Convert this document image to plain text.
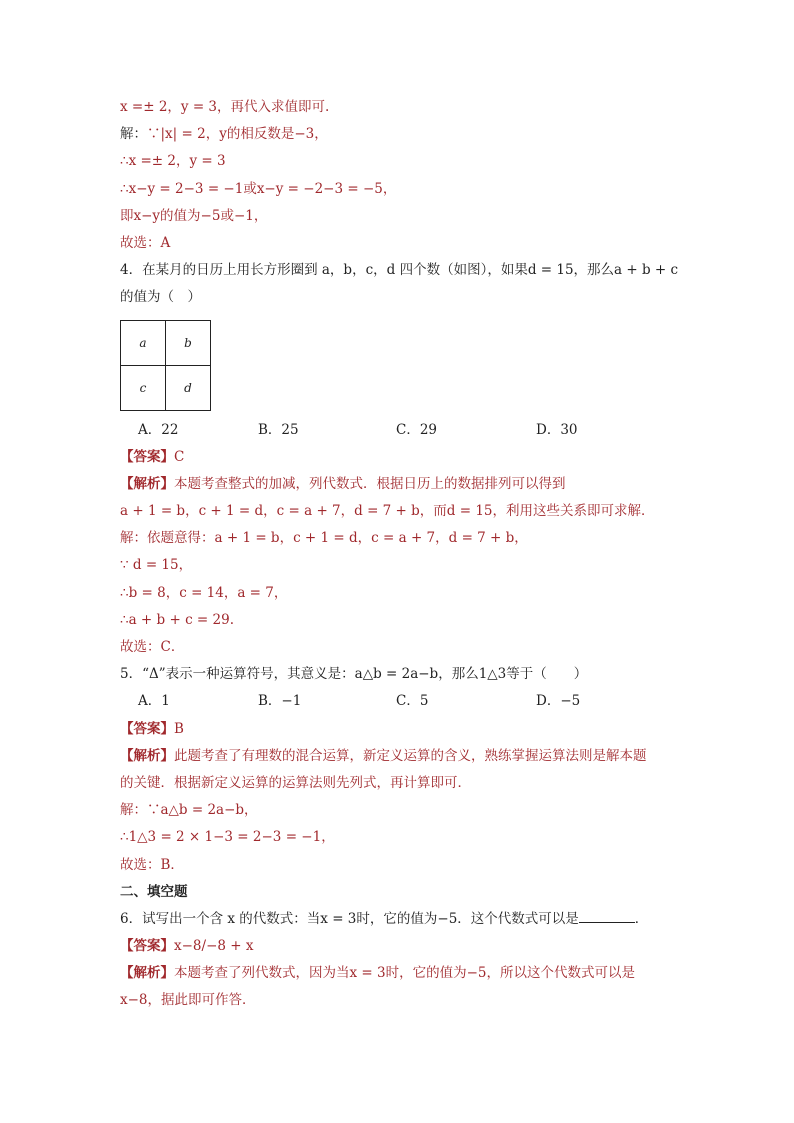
x =± 2，y = 3，再代入求值即可.
解：∵|x| = 2，y的相反数是−3，
∴x =± 2，y = 3
∴x−y = 2−3 = −1或x−y = −2−3 = −5，
即x−y的值为−5或−1，
故选：A
4．在某月的日历上用长方形圈到 a，b，c，d 四个数（如图），如果d = 15，那么a + b + c
的值为（　）
a	b
c	d
A．22	B．25	C．29	D．30
【答案】C
【解析】本题考查整式的加减，列代数式．根据日历上的数据排列可以得到
a + 1 = b，c + 1 = d，c = a + 7，d = 7 + b，而d = 15，利用这些关系即可求解．
解：依题意得：a + 1 = b，c + 1 = d，c = a + 7，d = 7 + b，
∵ d = 15，
∴b = 8，c = 14，a = 7，
∴a + b + c = 29.
故选：C．
5．“Δ”表示一种运算符号，其意义是：a△b = 2a−b，那么1△3等于（　　）
A．1	B．−1	C．5	D．−5
【答案】B
【解析】此题考查了有理数的混合运算，新定义运算的含义，熟练掌握运算法则是解本题
的关键．根据新定义运算的运算法则先列式，再计算即可．
解：∵a△b = 2a−b，
∴1△3 = 2 × 1−3 = 2−3 = −1，
故选：B．
二、填空题
6．试写出一个含 x 的代数式：当x = 3时，它的值为−5．这个代数式可以是	．
【答案】x−8/−8 + x
【解析】本题考查了列代数式，因为当x = 3时，它的值为−5，所以这个代数式可以是
x−8，据此即可作答．
